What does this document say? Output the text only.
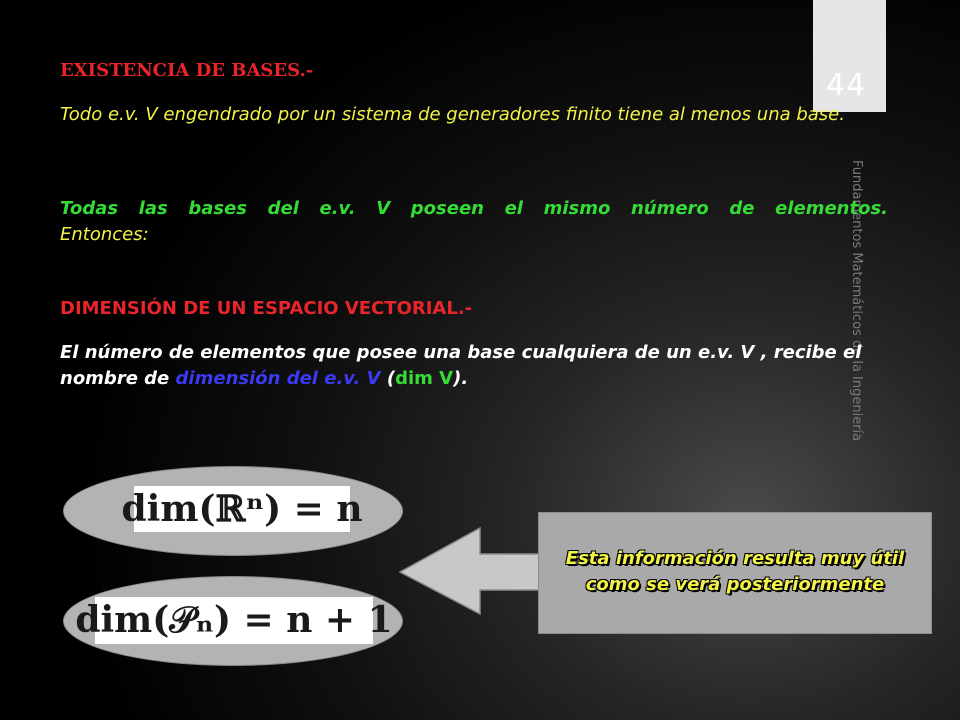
44
Fundamentos Matemáticos de la Ingeniería
EXISTENCIA DE BASES.-
Todo e.v. V engendrado por un sistema de generadores finito tiene al menos una base.
Todas las bases del e.v. V poseen el mismo número de elementos.
Entonces:
DIMENSIÓN DE UN ESPACIO VECTORIAL.-
El número de elementos que posee una base cualquiera de un e.v. V , recibe el nombre de dimensión del e.v. V (dim V).
dim(ℝⁿ) = n
dim(𝒫ₙ) = n + 1
Esta información resulta muy útil
como se verá posteriormente
